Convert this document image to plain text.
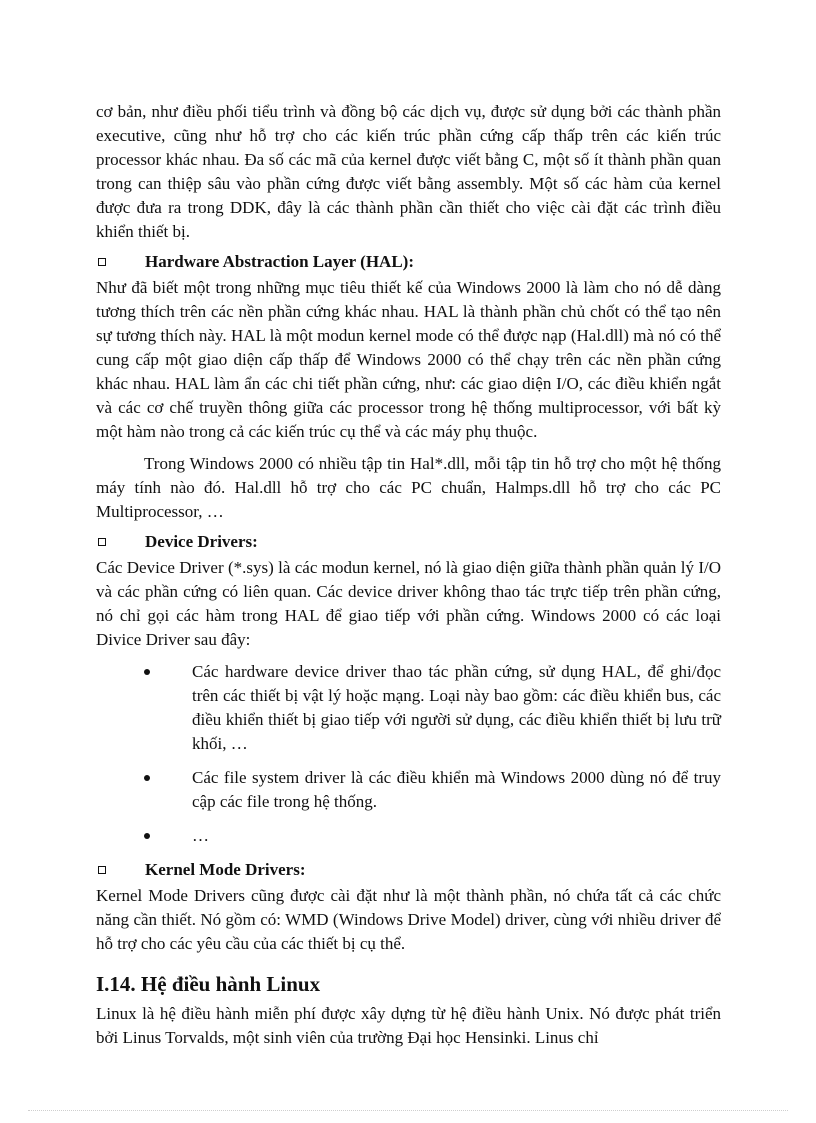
cơ bản, như điều phối tiểu trình và đồng bộ các dịch vụ, được sử dụng bởi các thành phần executive, cũng như hỗ trợ cho các kiến trúc phần cứng cấp thấp trên các kiến trúc processor khác nhau. Đa số các mã của kernel được viết bằng C, một số ít thành phần quan trong can thiệp sâu vào phần cứng được viết bằng assembly. Một số các hàm của kernel được đưa ra trong DDK, đây là các thành phần cần thiết cho việc cài đặt các trình điều khiển thiết bị.

Hardware Abstraction Layer (HAL):

Như đã biết một trong những mục tiêu thiết kế của Windows 2000 là làm cho nó dễ dàng tương thích trên các nền phần cứng khác nhau. HAL là thành phần chủ chốt có thể tạo nên sự tương thích này. HAL là một modun kernel mode có thể được nạp (Hal.dll) mà nó có thể cung cấp một giao diện cấp thấp để Windows 2000 có thể chạy trên các nền phần cứng khác nhau. HAL làm ẩn các chi tiết phần cứng, như: các giao diện I/O, các điều khiển ngắt và các cơ chế truyền thông giữa các processor trong hệ thống multiprocessor, với bất kỳ một hàm nào trong cả các kiến trúc cụ thể và các máy phụ thuộc.

Trong Windows 2000 có nhiều tập tin Hal*.dll, mỗi tập tin hỗ trợ cho một hệ thống máy tính nào đó. Hal.dll hỗ trợ cho các PC chuẩn, Halmps.dll hỗ trợ cho các PC Multiprocessor, …

Device Drivers:

Các Device Driver (*.sys) là các modun kernel, nó là giao diện giữa thành phần quản lý I/O và các phần cứng có liên quan. Các device driver không thao tác trực tiếp trên phần cứng, nó chỉ gọi các hàm trong HAL để giao tiếp với phần cứng. Windows 2000 có các loại Divice Driver sau đây:

Các hardware device driver thao tác phần cứng, sử dụng HAL, để ghi/đọc trên các thiết bị vật lý hoặc mạng. Loại này bao gồm: các điều khiển bus, các điều khiển thiết bị giao tiếp với người sử dụng, các điều khiển thiết bị lưu trữ khối, …
Các file system driver là các điều khiển mà Windows 2000 dùng nó để truy cập các file trong hệ thống.
…
Kernel Mode Drivers:

Kernel Mode Drivers cũng được cài đặt như là một thành phần, nó chứa tất cả các chức năng cần thiết. Nó gồm có: WMD (Windows Drive Model) driver, cùng với nhiều driver để hỗ trợ cho các yêu cầu của các thiết bị cụ thể.

I.14. Hệ điều hành Linux

Linux là hệ điều hành miễn phí được xây dựng từ hệ điều hành Unix. Nó được phát triển bởi Linus Torvalds, một sinh viên của trường Đại học Hensinki. Linus chỉ
